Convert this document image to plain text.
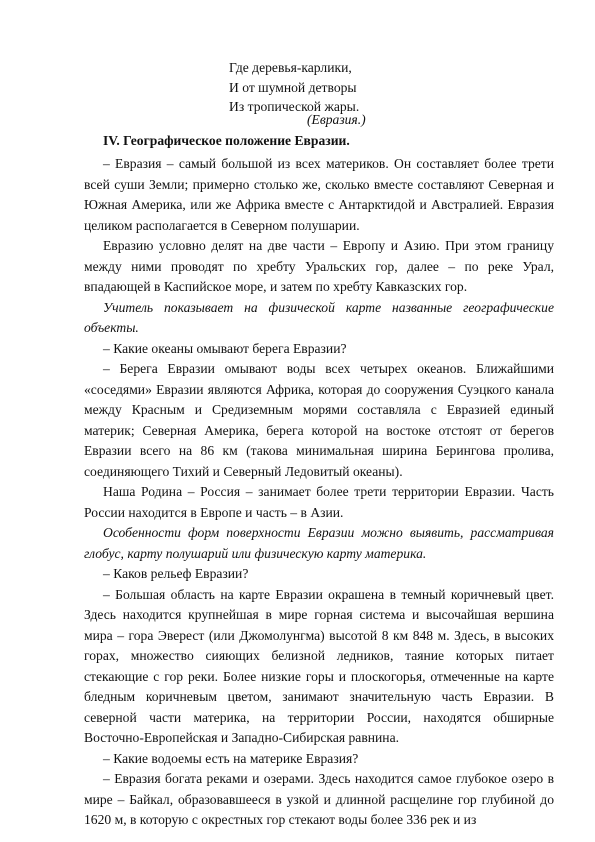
Где деревья-карлики,
И от шумной детворы
Из тропической жары.
(Евразия.)
IV. Географическое положение Евразии.

– Евразия – самый большой из всех материков. Он составляет более трети всей суши Земли; примерно столько же, сколько вместе составляют Северная и Южная Америка, или же Африка вместе с Антарктидой и Австралией. Евразия целиком располагается в Северном полушарии.

Евразию условно делят на две части – Европу и Азию. При этом границу между ними проводят по хребту Уральских гор, далее – по реке Урал, впадающей в Каспийское море, и затем по хребту Кавказских гор.

Учитель показывает на физической карте названные географические объекты.

– Какие океаны омывают берега Евразии?

– Берега Евразии омывают воды всех четырех океанов. Ближайшими «соседями» Евразии являются Африка, которая до сооружения Суэцкого канала между Красным и Средиземным морями составляла с Евразией единый материк; Северная Америка, берега которой на востоке отстоят от берегов Евразии всего на 86 км (такова минимальная ширина Берингова пролива, соединяющего Тихий и Северный Ледовитый океаны).

Наша Родина – Россия – занимает более трети территории Евразии. Часть России находится в Европе и часть – в Азии.

Особенности форм поверхности Евразии можно выявить, рассматривая глобус, карту полушарий или физическую карту материка.

– Каков рельеф Евразии?

– Большая область на карте Евразии окрашена в темный коричневый цвет. Здесь находится крупнейшая в мире горная система и высочайшая вершина мира – гора Эверест (или Джомолунгма) высотой 8 км 848 м. Здесь, в высоких горах, множество сияющих белизной ледников, таяние которых питает стекающие с гор реки. Более низкие горы и плоскогорья, отмеченные на карте бледным коричневым цветом, занимают значительную часть Евразии. В северной части материка, на территории России, находятся обширные Восточно-Европейская и Западно-Сибирская равнина.

– Какие водоемы есть на материке Евразия?

– Евразия богата реками и озерами. Здесь находится самое глубокое озеро в мире – Байкал, образовавшееся в узкой и длинной расщелине гор глубиной до 1620 м, в которую с окрестных гор стекают воды более 336 рек и из
